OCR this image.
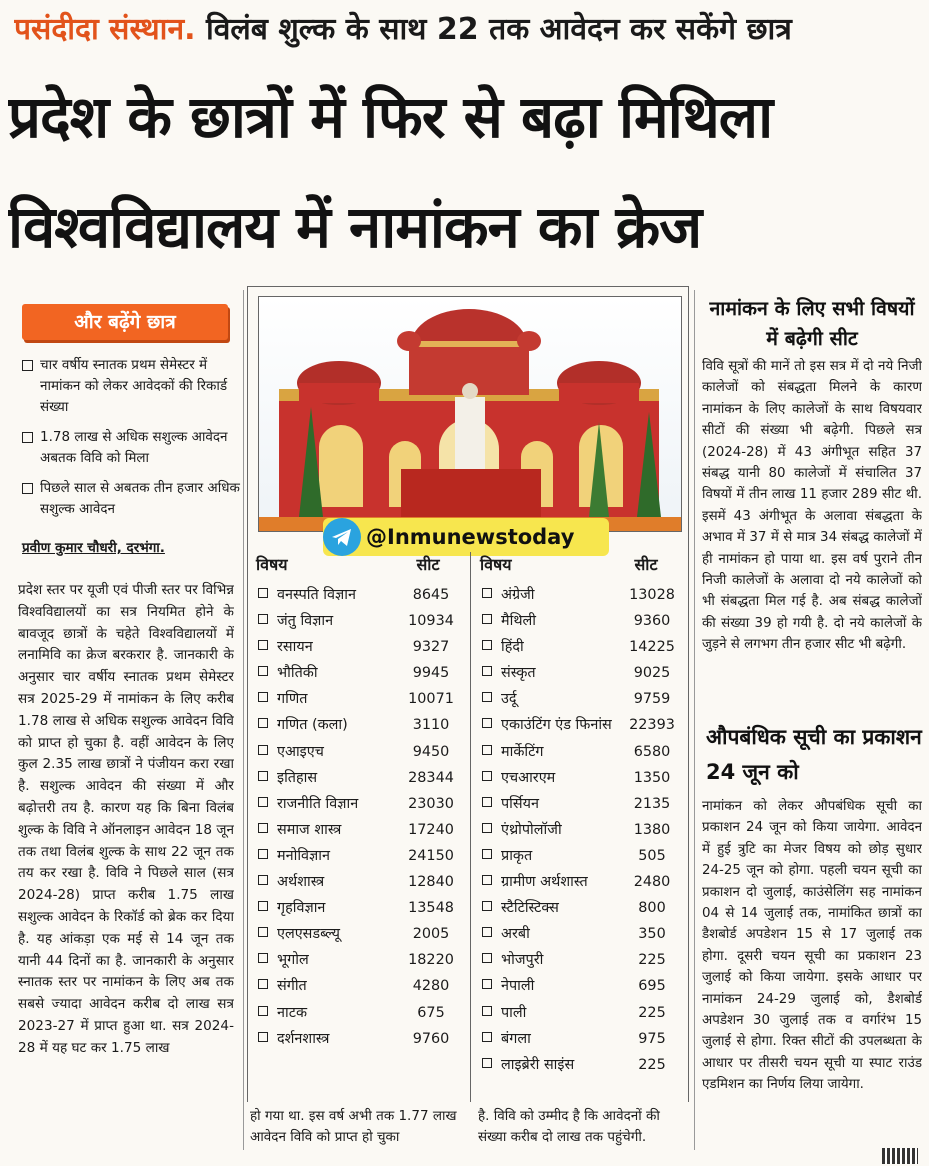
पसंदीदा संस्थान. विलंब शुल्क के साथ 22 तक आवेदन कर सकेंगे छात्र
प्रदेश के छात्रों में फिर से बढ़ा मिथिला
विश्वविद्यालय में नामांकन का क्रेज
और बढ़ेंगे छात्र
चार वर्षीय स्नातक प्रथम सेमेस्टर में नामांकन को लेकर आवेदकों की रिकार्ड संख्या
1.78 लाख से अधिक सशुल्क आवेदन अबतक विवि को मिला
पिछले साल से अबतक तीन हजार अधिक सशुल्क आवेदन
प्रवीण कुमार चौधरी, दरभंगा.
प्रदेश स्तर पर यूजी एवं पीजी स्तर पर विभिन्न विश्वविद्यालयों का सत्र नियमित होने के बावजूद छात्रों के चहेते विश्वविद्यालयों में लनामिवि का क्रेज बरकरार है. जानकारी के अनुसार चार वर्षीय स्नातक प्रथम सेमेस्टर सत्र 2025-29 में नामांकन के लिए करीब 1.78 लाख से अधिक सशुल्क आवेदन विवि को प्राप्त हो चुका है. वहीं आवेदन के लिए कुल 2.35 लाख छात्रों ने पंजीयन करा रखा है. सशुल्क आवेदन की संख्या में और बढ़ोत्तरी तय है. कारण यह कि बिना विलंब शुल्क के विवि ने ऑनलाइन आवेदन 18 जून तक तथा विलंब शुल्क के साथ 22 जून तक तय कर रखा है. विवि ने पिछले साल (सत्र 2024-28) प्राप्त करीब 1.75 लाख सशुल्क आवेदन के रिकॉर्ड को ब्रेक कर दिया है. यह आंकड़ा एक मई से 14 जून तक यानी 44 दिनों का है. जानकारी के अनुसार स्नातक स्तर पर नामांकन के लिए अब तक सबसे ज्यादा आवेदन करीब दो लाख सत्र 2023-27 में प्राप्त हुआ था. सत्र 2024-28 में यह घट कर 1.75 लाख
@Inmunewstoday
विषय	सीट	विषय	सीट
वनस्पति विज्ञान	8645
जंतु विज्ञान	10934
रसायन	9327
भौतिकी	9945
गणित	10071
गणित (कला)	3110
एआइएच	9450
इतिहास	28344
राजनीति विज्ञान	23030
समाज शास्त्र	17240
मनोविज्ञान	24150
अर्थशास्त्र	12840
गृहविज्ञान	13548
एलएसडब्ल्यू	2005
भूगोल	18220
संगीत	4280
नाटक	675
दर्शनशास्त्र	9760
अंग्रेजी	13028
मैथिली	9360
हिंदी	14225
संस्कृत	9025
उर्दू	9759
एकाउंटिंग एंड फिनांस	22393
मार्केटिंग	6580
एचआरएम	1350
पर्सियन	2135
एंथ्रोपोलॉजी	1380
प्राकृत	505
ग्रामीण अर्थशास्त	2480
स्टैटिस्टिक्स	800
अरबी	350
भोजपुरी	225
नेपाली	695
पाली	225
बंगला	975
लाइब्रेरी साइंस	225
हो गया था. इस वर्ष अभी तक 1.77 लाख आवेदन विवि को प्राप्त हो चुका
है. विवि को उम्मीद है कि आवेदनों की संख्या करीब दो लाख तक पहुंचेगी.
नामांकन के लिए सभी विषयों में बढ़ेगी सीट
विवि सूत्रों की मानें तो इस सत्र में दो नये निजी कालेजों को संबद्धता मिलने के कारण नामांकन के लिए कालेजों के साथ विषयवार सीटों की संख्या भी बढ़ेगी. पिछले सत्र (2024-28) में 43 अंगीभूत सहित 37 संबद्ध यानी 80 कालेजों में संचालित 37 विषयों में तीन लाख 11 हजार 289 सीट थी. इसमें 43 अंगीभूत के अलावा संबद्धता के अभाव में 37 में से मात्र 34 संबद्ध कालेजों में ही नामांकन हो पाया था. इस वर्ष पुराने तीन निजी कालेजों के अलावा दो नये कालेजों को भी संबद्धता मिल गई है. अब संबद्ध कालेजों की संख्या 39 हो गयी है. दो नये कालेजों के जुड़ने से लगभग तीन हजार सीट भी बढ़ेगी.
औपबंधिक सूची का प्रकाशन 24 जून को
नामांकन को लेकर औपबंधिक सूची का प्रकाशन 24 जून को किया जायेगा. आवेदन में हुई त्रुटि का मेजर विषय को छोड़ सुधार 24-25 जून को होगा. पहली चयन सूची का प्रकाशन दो जुलाई, काउंसेलिंग सह नामांकन 04 से 14 जुलाई तक, नामांकित छात्रों का डैशबोर्ड अपडेशन 15 से 17 जुलाई तक होगा. दूसरी चयन सूची का प्रकाशन 23 जुलाई को किया जायेगा. इसके आधार पर नामांकन 24-29 जुलाई को, डैशबोर्ड अपडेशन 30 जुलाई तक व वर्गारंभ 15 जुलाई से होगा. रिक्त सीटों की उपलब्धता के आधार पर तीसरी चयन सूची या स्पाट राउंड एडमिशन का निर्णय लिया जायेगा.
